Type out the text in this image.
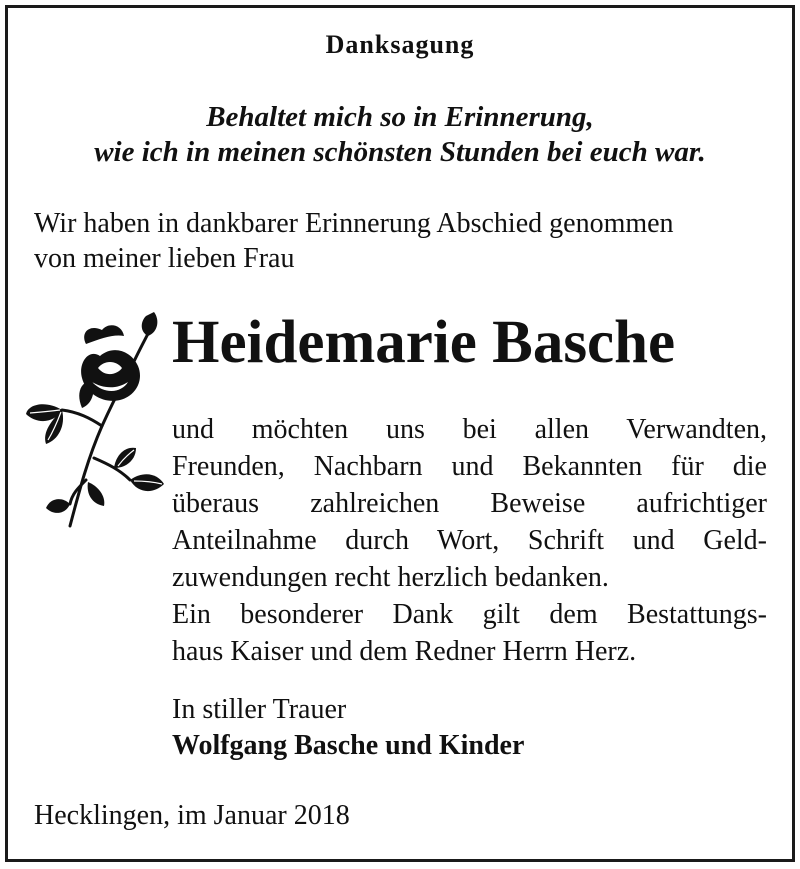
Danksagung
Behaltet mich so in Erinnerung,
wie ich in meinen schönsten Stunden bei euch war.
Wir haben in dankbarer Erinnerung Abschied genommen
von meiner lieben Frau
Heidemarie Basche
und möchten uns bei allen Verwandten,
Freunden, Nachbarn und Bekannten für die
überaus zahlreichen Beweise aufrichtiger
Anteilnahme durch Wort, Schrift und Geld-
zuwendungen recht herzlich bedanken.
Ein besonderer Dank gilt dem Bestattungs-
haus Kaiser und dem Redner Herrn Herz.
In stiller Trauer
Wolfgang Basche und Kinder
Hecklingen, im Januar 2018
